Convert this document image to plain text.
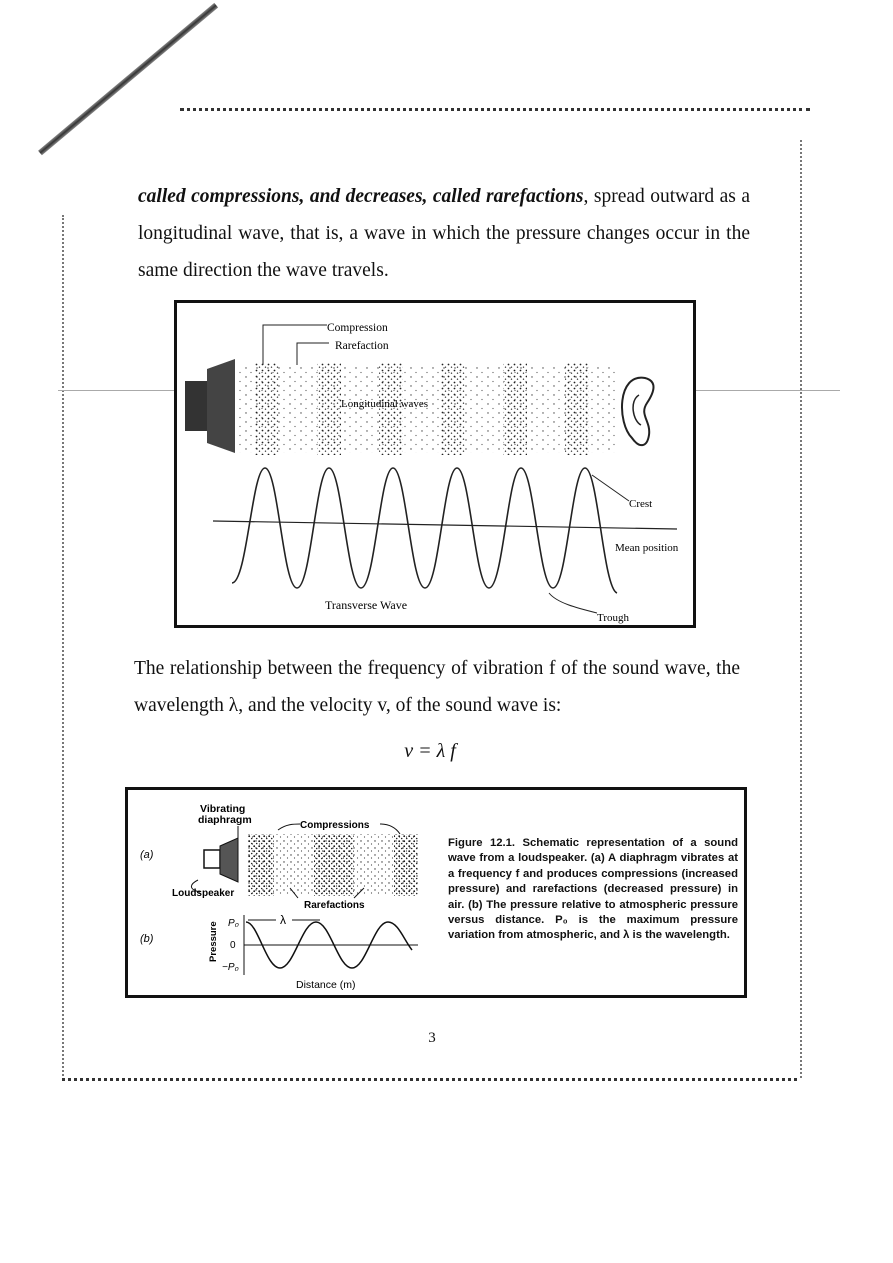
called compressions, and decreases, called rarefactions, spread outward as a longitudinal wave, that is, a wave in which the pressure changes occur in the same direction the wave travels.
Compression
Rarefaction
Longitudinal waves
Crest
Mean position
Trough
Transverse Wave
The relationship between the frequency of vibration f of the sound wave, the wavelength λ, and the velocity v, of the sound wave is:
v = λ f
(a)
(b)
Vibrating
diaphragm	Compressions
Loudspeaker
Rarefactions
Pressure P₀
0
−P₀
λ
Distance (m)
Figure 12.1. Schematic representation of a sound wave from a loudspeaker. (a) A diaphragm vibrates at a frequency f and produces compressions (increased pressure) and rarefactions (decreased pressure) in air. (b) The pressure relative to atmospheric pressure versus distance. P₀ is the maximum pressure variation from atmospheric, and λ is the wavelength.
3
